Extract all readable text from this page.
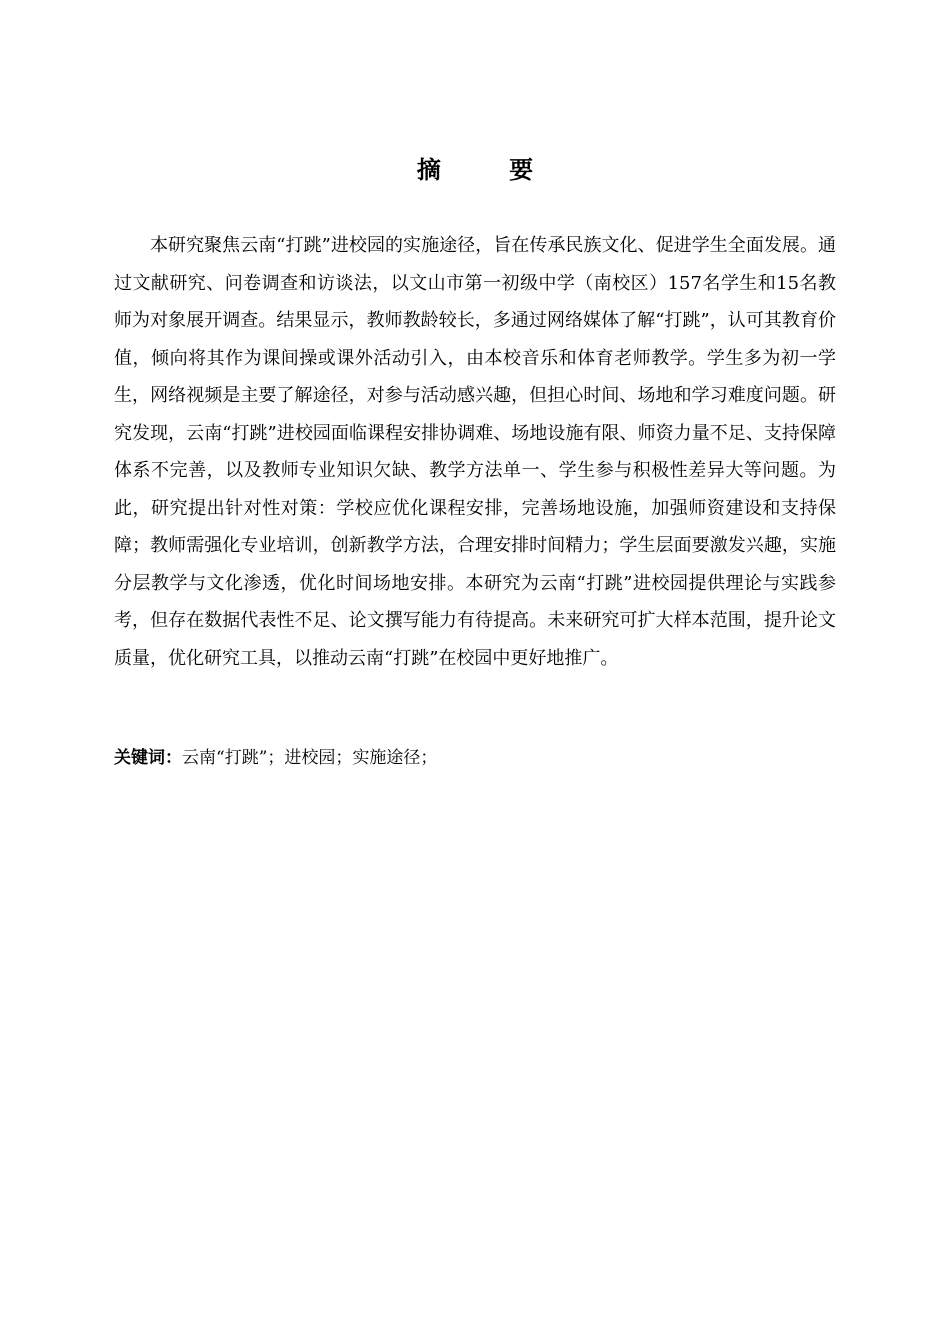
摘 要

本研究聚焦云南“打跳”进校园的实施途径，旨在传承民族文化、促进学生全面发展。通过文献研究、问卷调查和访谈法，以文山市第一初级中学（南校区）157名学生和15名教师为对象展开调查。结果显示，教师教龄较长，多通过网络媒体了解“打跳”，认可其教育价值，倾向将其作为课间操或课外活动引入，由本校音乐和体育老师教学。学生多为初一学生，网络视频是主要了解途径，对参与活动感兴趣，但担心时间、场地和学习难度问题。研究发现，云南“打跳”进校园面临课程安排协调难、场地设施有限、师资力量不足、支持保障体系不完善，以及教师专业知识欠缺、教学方法单一、学生参与积极性差异大等问题。为此，研究提出针对性对策：学校应优化课程安排，完善场地设施，加强师资建设和支持保障；教师需强化专业培训，创新教学方法，合理安排时间精力；学生层面要激发兴趣，实施分层教学与文化渗透，优化时间场地安排。本研究为云南“打跳”进校园提供理论与实践参考，但存在数据代表性不足、论文撰写能力有待提高。未来研究可扩大样本范围，提升论文质量，优化研究工具，以推动云南“打跳”在校园中更好地推广。

关键词：云南“打跳”；进校园；实施途径；
